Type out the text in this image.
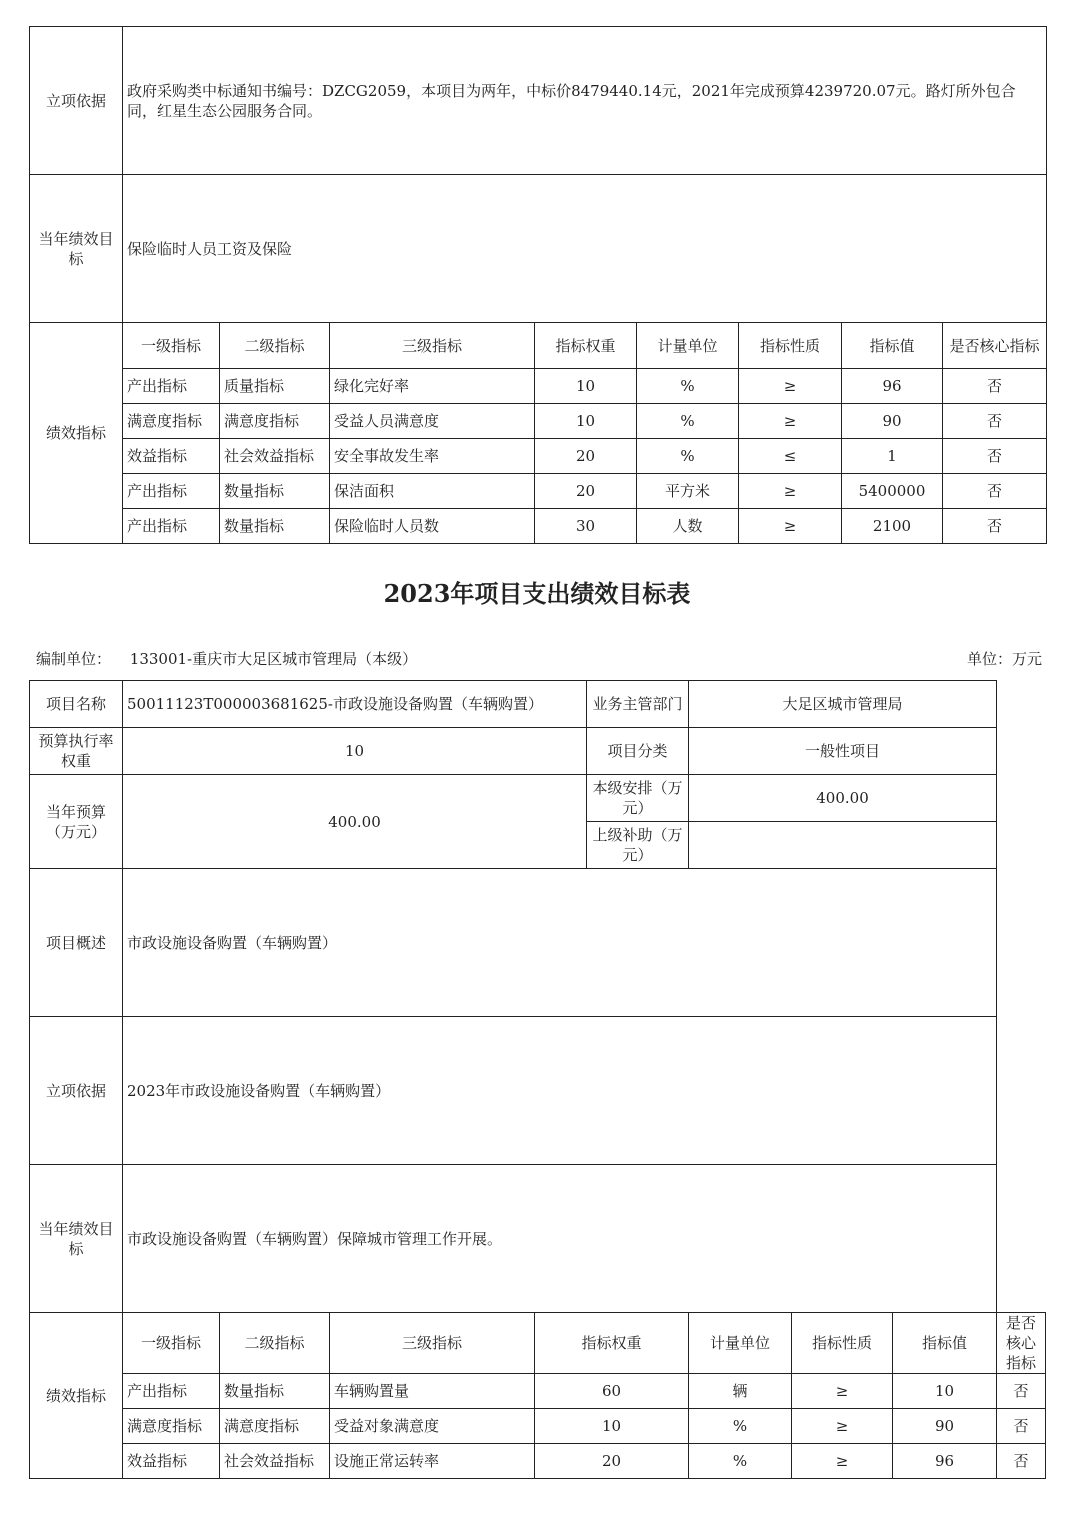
立项依据	政府采购类中标通知书编号：DZCG2059，本项目为两年，中标价8479440.14元，2021年完成预算4239720.07元。路灯所外包合同，红星生态公园服务合同。							
当年绩效目标	保险临时人员工资及保险							
绩效指标	一级指标	二级指标	三级指标	指标权重	计量单位	指标性质	指标值	是否核心指标
	产出指标	质量指标	绿化完好率	10	%	≥	96	否
	满意度指标	满意度指标	受益人员满意度	10	%	≥	90	否
	效益指标	社会效益指标	安全事故发生率	20	%	≤	1	否
	产出指标	数量指标	保洁面积	20	平方米	≥	5400000	否
	产出指标	数量指标	保险临时人员数	30	人数	≥	2100	否
2023年项目支出绩效目标表
编制单位： 133001-重庆市大足区城市管理局（本级）	单位：万元
项目名称	50011123T000003681625-市政设施设备购置（车辆购置）				业务主管部门	大足区城市管理局			
预算执行率权重	10				项目分类	一般性项目			
当年预算（万元）	400.00				本级安排（万元）	400.00			
					上级补助（万元）				
项目概述	市政设施设备购置（车辆购置）								
立项依据	2023年市政设施设备购置（车辆购置）								
当年绩效目标	市政设施设备购置（车辆购置）保障城市管理工作开展。								
绩效指标	一级指标	二级指标	三级指标	指标权重		计量单位	指标性质	指标值	是否核心指标
	产出指标	数量指标	车辆购置量	60		辆	≥	10	否
	满意度指标	满意度指标	受益对象满意度	10		%	≥	90	否
	效益指标	社会效益指标	设施正常运转率	20		%	≥	96	否
